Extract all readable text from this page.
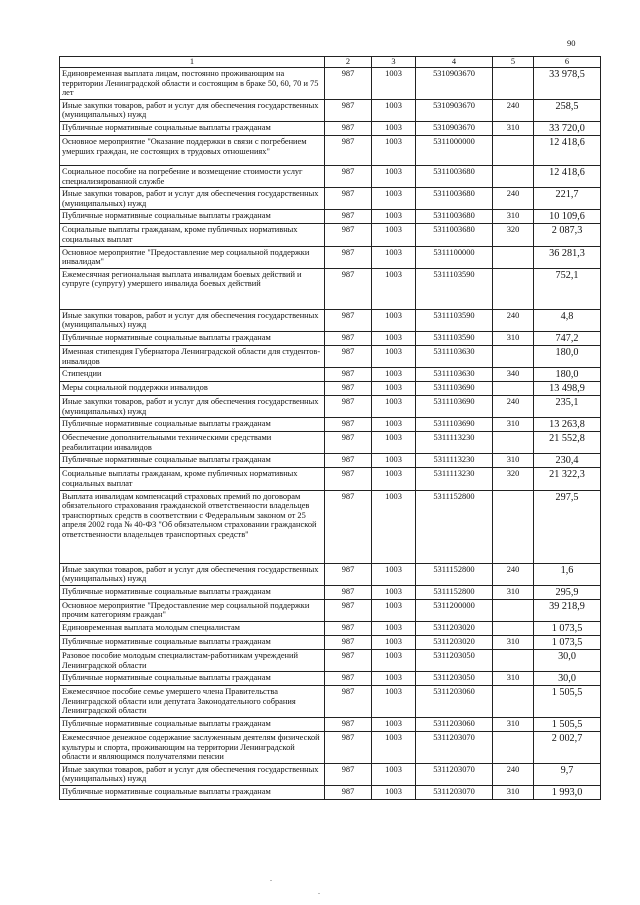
90
1	2	3	4	5	6
Единовременная выплата лицам, постоянно проживающим на территории Ленинградской области и состоящим в браке 50, 60, 70 и 75 лет	987	1003	5310903670		33 978,5
Иные закупки товаров, работ и услуг для обеспечения государственных (муниципальных) нужд	987	1003	5310903670	240	258,5
Публичные нормативные социальные выплаты гражданам	987	1003	5310903670	310	33 720,0
Основное мероприятие "Оказание поддержки в связи с погребением умерших граждан, не состоящих в трудовых отношениях"	987	1003	5311000000		12 418,6
Социальное пособие на погребение и возмещение стоимости услуг специализированной службе	987	1003	5311003680		12 418,6
Иные закупки товаров, работ и услуг для обеспечения государственных (муниципальных) нужд	987	1003	5311003680	240	221,7
Публичные нормативные социальные выплаты гражданам	987	1003	5311003680	310	10 109,6
Социальные выплаты гражданам, кроме публичных нормативных социальных выплат	987	1003	5311003680	320	2 087,3
Основное мероприятие "Предоставление мер социальной поддержки инвалидам"	987	1003	5311100000		36 281,3
Ежемесячная региональная выплата инвалидам боевых действий и супруге (супругу) умершего инвалида боевых действий	987	1003	5311103590		752,1
Иные закупки товаров, работ и услуг для обеспечения государственных (муниципальных) нужд	987	1003	5311103590	240	4,8
Публичные нормативные социальные выплаты гражданам	987	1003	5311103590	310	747,2
Именная стипендия Губернатора Ленинградской области для студентов-инвалидов	987	1003	5311103630		180,0
Стипендии	987	1003	5311103630	340	180,0
Меры социальной поддержки инвалидов	987	1003	5311103690		13 498,9
Иные закупки товаров, работ и услуг для обеспечения государственных (муниципальных) нужд	987	1003	5311103690	240	235,1
Публичные нормативные социальные выплаты гражданам	987	1003	5311103690	310	13 263,8
Обеспечение дополнительными техническими средствами реабилитации инвалидов	987	1003	5311113230		21 552,8
Публичные нормативные социальные выплаты гражданам	987	1003	5311113230	310	230,4
Социальные выплаты гражданам, кроме публичных нормативных социальных выплат	987	1003	5311113230	320	21 322,3
Выплата инвалидам компенсаций страховых премий по договорам обязательного страхования гражданской ответственности владельцев транспортных средств в соответствии с Федеральным законом от 25 апреля 2002 года № 40-ФЗ "Об обязательном страховании гражданской ответственности владельцев транспортных средств"	987	1003	5311152800		297,5
Иные закупки товаров, работ и услуг для обеспечения государственных (муниципальных) нужд	987	1003	5311152800	240	1,6
Публичные нормативные социальные выплаты гражданам	987	1003	5311152800	310	295,9
Основное мероприятие "Предоставление мер социальной поддержки прочим категориям граждан"	987	1003	5311200000		39 218,9
Единовременная выплата молодым специалистам	987	1003	5311203020		1 073,5
Публичные нормативные социальные выплаты гражданам	987	1003	5311203020	310	1 073,5
Разовое пособие молодым специалистам-работникам учреждений Ленинградской области	987	1003	5311203050		30,0
Публичные нормативные социальные выплаты гражданам	987	1003	5311203050	310	30,0
Ежемесячное пособие семье умершего члена Правительства Ленинградской области или депутата Законодательного собрания Ленинградской области	987	1003	5311203060		1 505,5
Публичные нормативные социальные выплаты гражданам	987	1003	5311203060	310	1 505,5
Ежемесячное денежное содержание заслуженным деятелям физической культуры и спорта, проживающим на территории Ленинградской области и являющимся получателями пенсии	987	1003	5311203070		2 002,7
Иные закупки товаров, работ и услуг для обеспечения государственных (муниципальных) нужд	987	1003	5311203070	240	9,7
Публичные нормативные социальные выплаты гражданам	987	1003	5311203070	310	1 993,0
